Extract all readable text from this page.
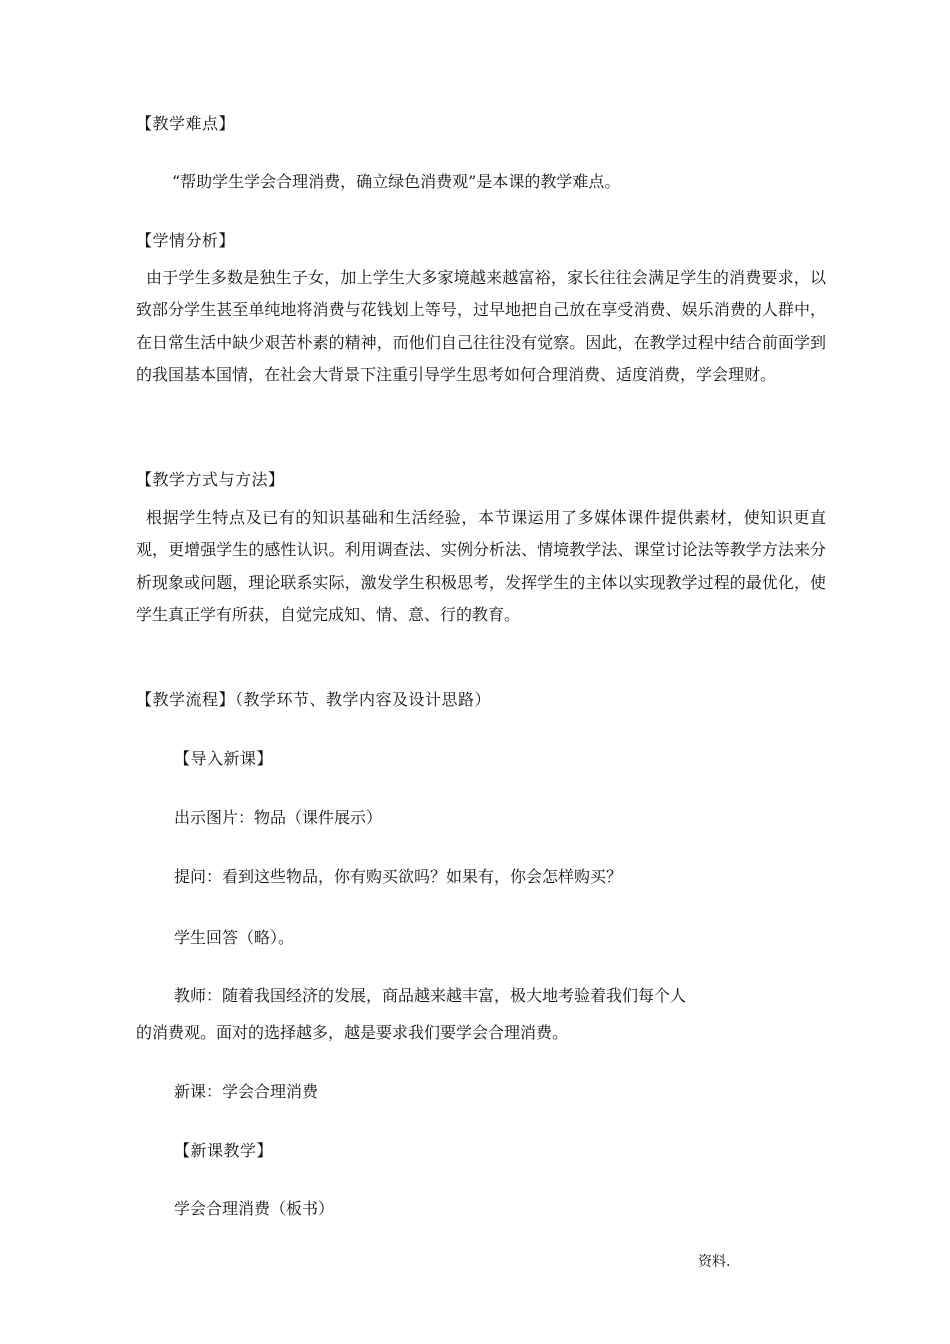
【教学难点】
“帮助学生学会合理消费，确立绿色消费观”是本课的教学难点。
【学情分析】
由于学生多数是独生子女，加上学生大多家境越来越富裕，家长往往会满足学生的消费要求，以致部分学生甚至单纯地将消费与花钱划上等号，过早地把自己放在享受消费、娱乐消费的人群中，在日常生活中缺少艰苦朴素的精神，而他们自己往往没有觉察。因此，在教学过程中结合前面学到的我国基本国情，在社会大背景下注重引导学生思考如何合理消费、适度消费，学会理财。
【教学方式与方法】
根据学生特点及已有的知识基础和生活经验，本节课运用了多媒体课件提供素材，使知识更直观，更增强学生的感性认识。利用调查法、实例分析法、情境教学法、课堂讨论法等教学方法来分析现象或问题，理论联系实际，激发学生积极思考，发挥学生的主体以实现教学过程的最优化，使学生真正学有所获，自觉完成知、情、意、行的教育。
【教学流程】（教学环节、教学内容及设计思路）
【导入新课】
出示图片：物品（课件展示）
提问：看到这些物品，你有购买欲吗？如果有，你会怎样购买？
学生回答（略）。
教师：随着我国经济的发展，商品越来越丰富，极大地考验着我们每个人
的消费观。面对的选择越多，越是要求我们要学会合理消费。
新课：学会合理消费
【新课教学】
学会合理消费（板书）
资料.
